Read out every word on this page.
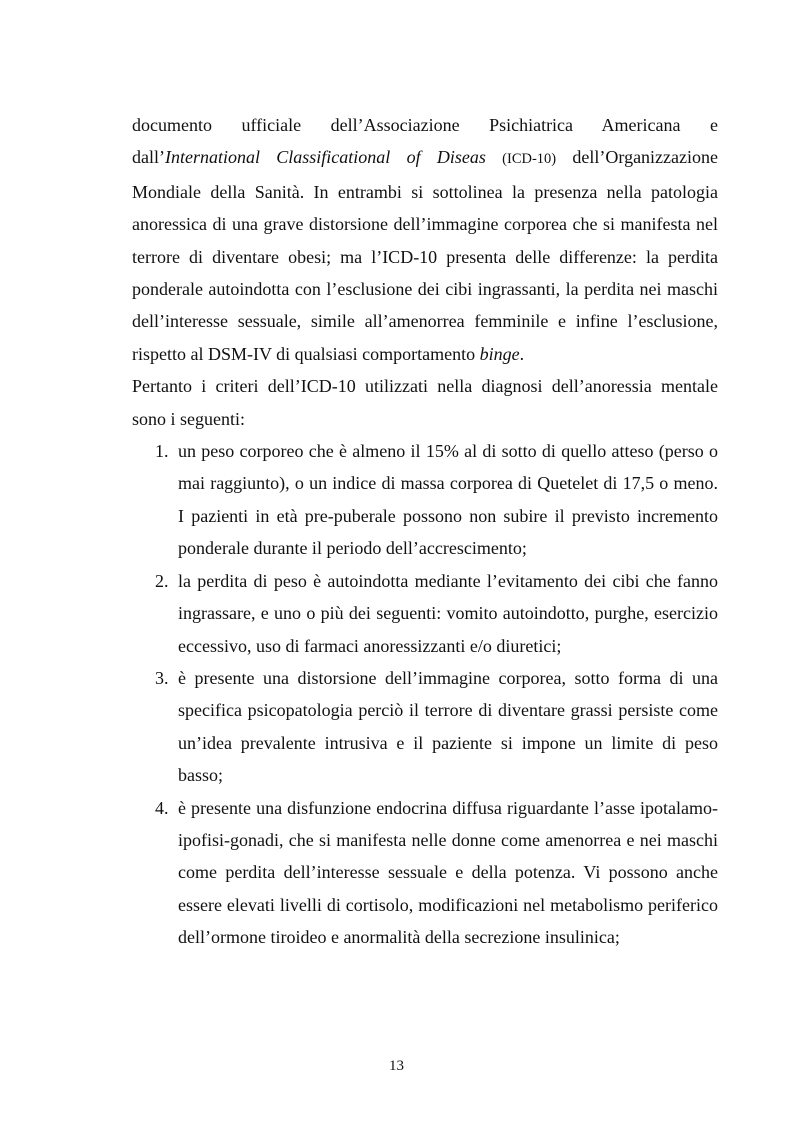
documento ufficiale dell’Associazione Psichiatrica Americana e dall’International Classificational of Diseas (ICD-10) dell’Organizzazione Mondiale della Sanità. In entrambi si sottolinea la presenza nella patologia anoressica di una grave distorsione dell’immagine corporea che si manifesta nel terrore di diventare obesi; ma l’ICD-10 presenta delle differenze: la perdita ponderale autoindotta con l’esclusione dei cibi ingrassanti, la perdita nei maschi dell’interesse sessuale, simile all’amenorrea femminile e infine l’esclusione, rispetto al DSM-IV di qualsiasi comportamento binge.

Pertanto i criteri dell’ICD-10 utilizzati nella diagnosi dell’anoressia mentale sono i seguenti:

1. un peso corporeo che è almeno il 15% al di sotto di quello atteso (perso o mai raggiunto), o un indice di massa corporea di Quetelet di 17,5 o meno. I pazienti in età pre-puberale possono non subire il previsto incremento ponderale durante il periodo dell’accrescimento;
2. la perdita di peso è autoindotta mediante l’evitamento dei cibi che fanno ingrassare, e uno o più dei seguenti: vomito autoindotto, purghe, esercizio eccessivo, uso di farmaci anoressizzanti e/o diuretici;
3. è presente una distorsione dell’immagine corporea, sotto forma di una specifica psicopatologia perciò il terrore di diventare grassi persiste come un’idea prevalente intrusiva e il paziente si impone un limite di peso basso;
4. è presente una disfunzione endocrina diffusa riguardante l’asse ipotalamo-ipofisi-gonadi, che si manifesta nelle donne come amenorrea e nei maschi come perdita dell’interesse sessuale e della potenza. Vi possono anche essere elevati livelli di cortisolo, modificazioni nel metabolismo periferico dell’ormone tiroideo e anormalità della secrezione insulinica;
13
